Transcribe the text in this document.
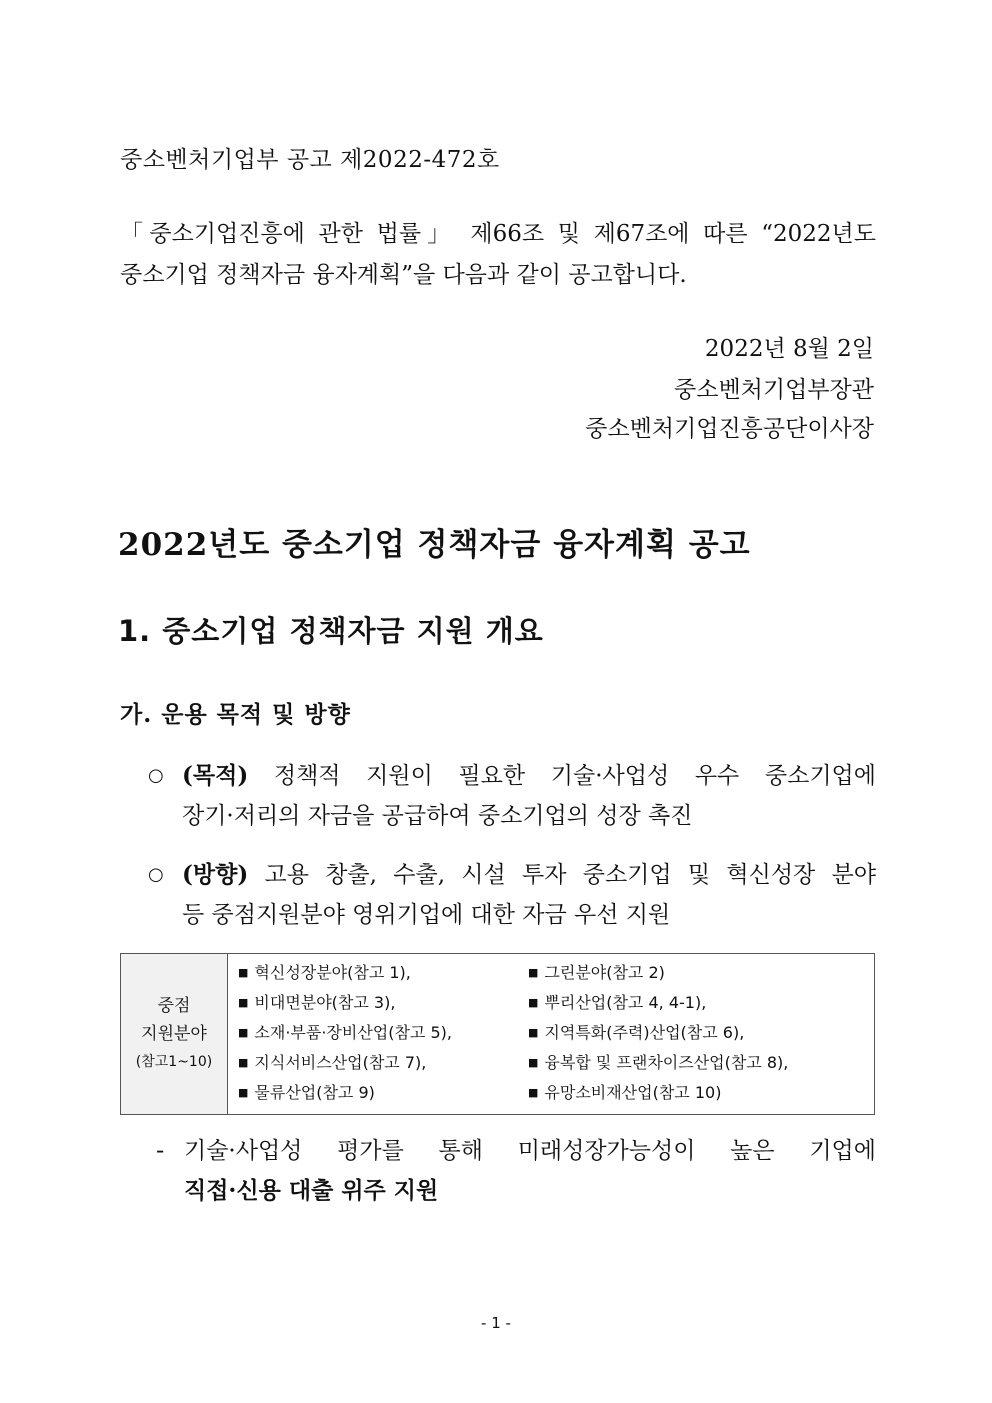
중소벤처기업부 공고 제2022-472호
「중소기업진흥에 관한 법률」 제66조 및 제67조에 따른 “2022년도
중소기업 정책자금 융자계획”을 다음과 같이 공고합니다.
2022년 8월 2일
중소벤처기업부장관
중소벤처기업진흥공단이사장
2022년도 중소기업 정책자금 융자계획 공고
1. 중소기업 정책자금 지원 개요
가. 운용 목적 및 방향
○ (목적) 정책적 지원이 필요한 기술·사업성 우수 중소기업에
장기·저리의 자금을 공급하여 중소기업의 성장 촉진
○ (방향) 고용 창출, 수출, 시설 투자 중소기업 및 혁신성장 분야
등 중점지원분야 영위기업에 대한 자금 우선 지원
중점
지원분야
(참고1~10)

■ 혁신성장분야(참고 1),	■ 그린분야(참고 2)
■ 비대면분야(참고 3),	■ 뿌리산업(참고 4, 4-1),
■ 소재·부품·장비산업(참고 5),	■ 지역특화(주력)산업(참고 6),
■ 지식서비스산업(참고 7),	■ 융복합 및 프랜차이즈산업(참고 8),
■ 물류산업(참고 9)	■ 유망소비재산업(참고 10)
- 기술·사업성 평가를 통해 미래성장가능성이 높은 기업에
직접·신용 대출 위주 지원
- 1 -
